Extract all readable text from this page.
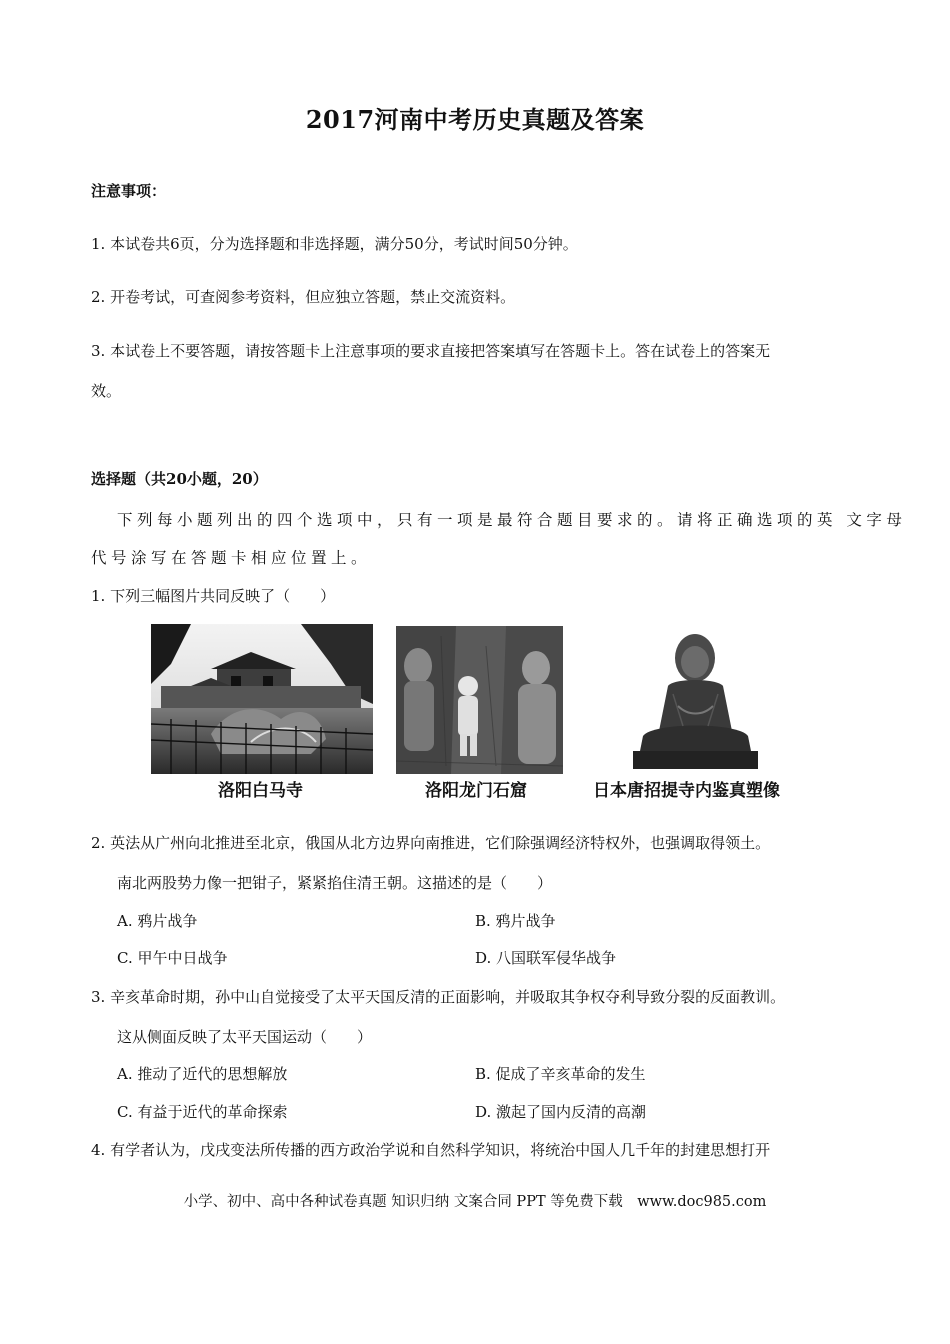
2017河南中考历史真题及答案
注意事项：
1. 本试卷共6页，分为选择题和非选择题，满分50分，考试时间50分钟。
2. 开卷考试，可查阅参考资料，但应独立答题，禁止交流资料。
3. 本试卷上不要答题，请按答题卡上注意事项的要求直接把答案填写在答题卡上。答在试卷上的答案无
效。
选择题（共20小题，20）
下列每小题列出的四个选项中，只有一项是最符合题目要求的。请将正确选项的英 文字母
代号涂写在答题卡相应位置上。
1. 下列三幅图片共同反映了（　　）
洛阳白马寺	洛阳龙门石窟	日本唐招提寺内鉴真塑像
2. 英法从广州向北推进至北京，俄国从北方边界向南推进，它们除强调经济特权外，也强调取得领土。
南北两股势力像一把钳子，紧紧掐住清王朝。这描述的是（　　）
A. 鸦片战争	B. 鸦片战争
C. 甲午中日战争	D. 八国联军侵华战争
3. 辛亥革命时期，孙中山自觉接受了太平天国反清的正面影响，并吸取其争权夺利导致分裂的反面教训。
这从侧面反映了太平天国运动（　　）
A. 推动了近代的思想解放	B. 促成了辛亥革命的发生
C. 有益于近代的革命探索	D. 激起了国内反清的高潮
4. 有学者认为，戊戌变法所传播的西方政治学说和自然科学知识，将统治中国人几千年的封建思想打开
小学、初中、高中各种试卷真题 知识归纳 文案合同 PPT 等免费下载　www.doc985.com
